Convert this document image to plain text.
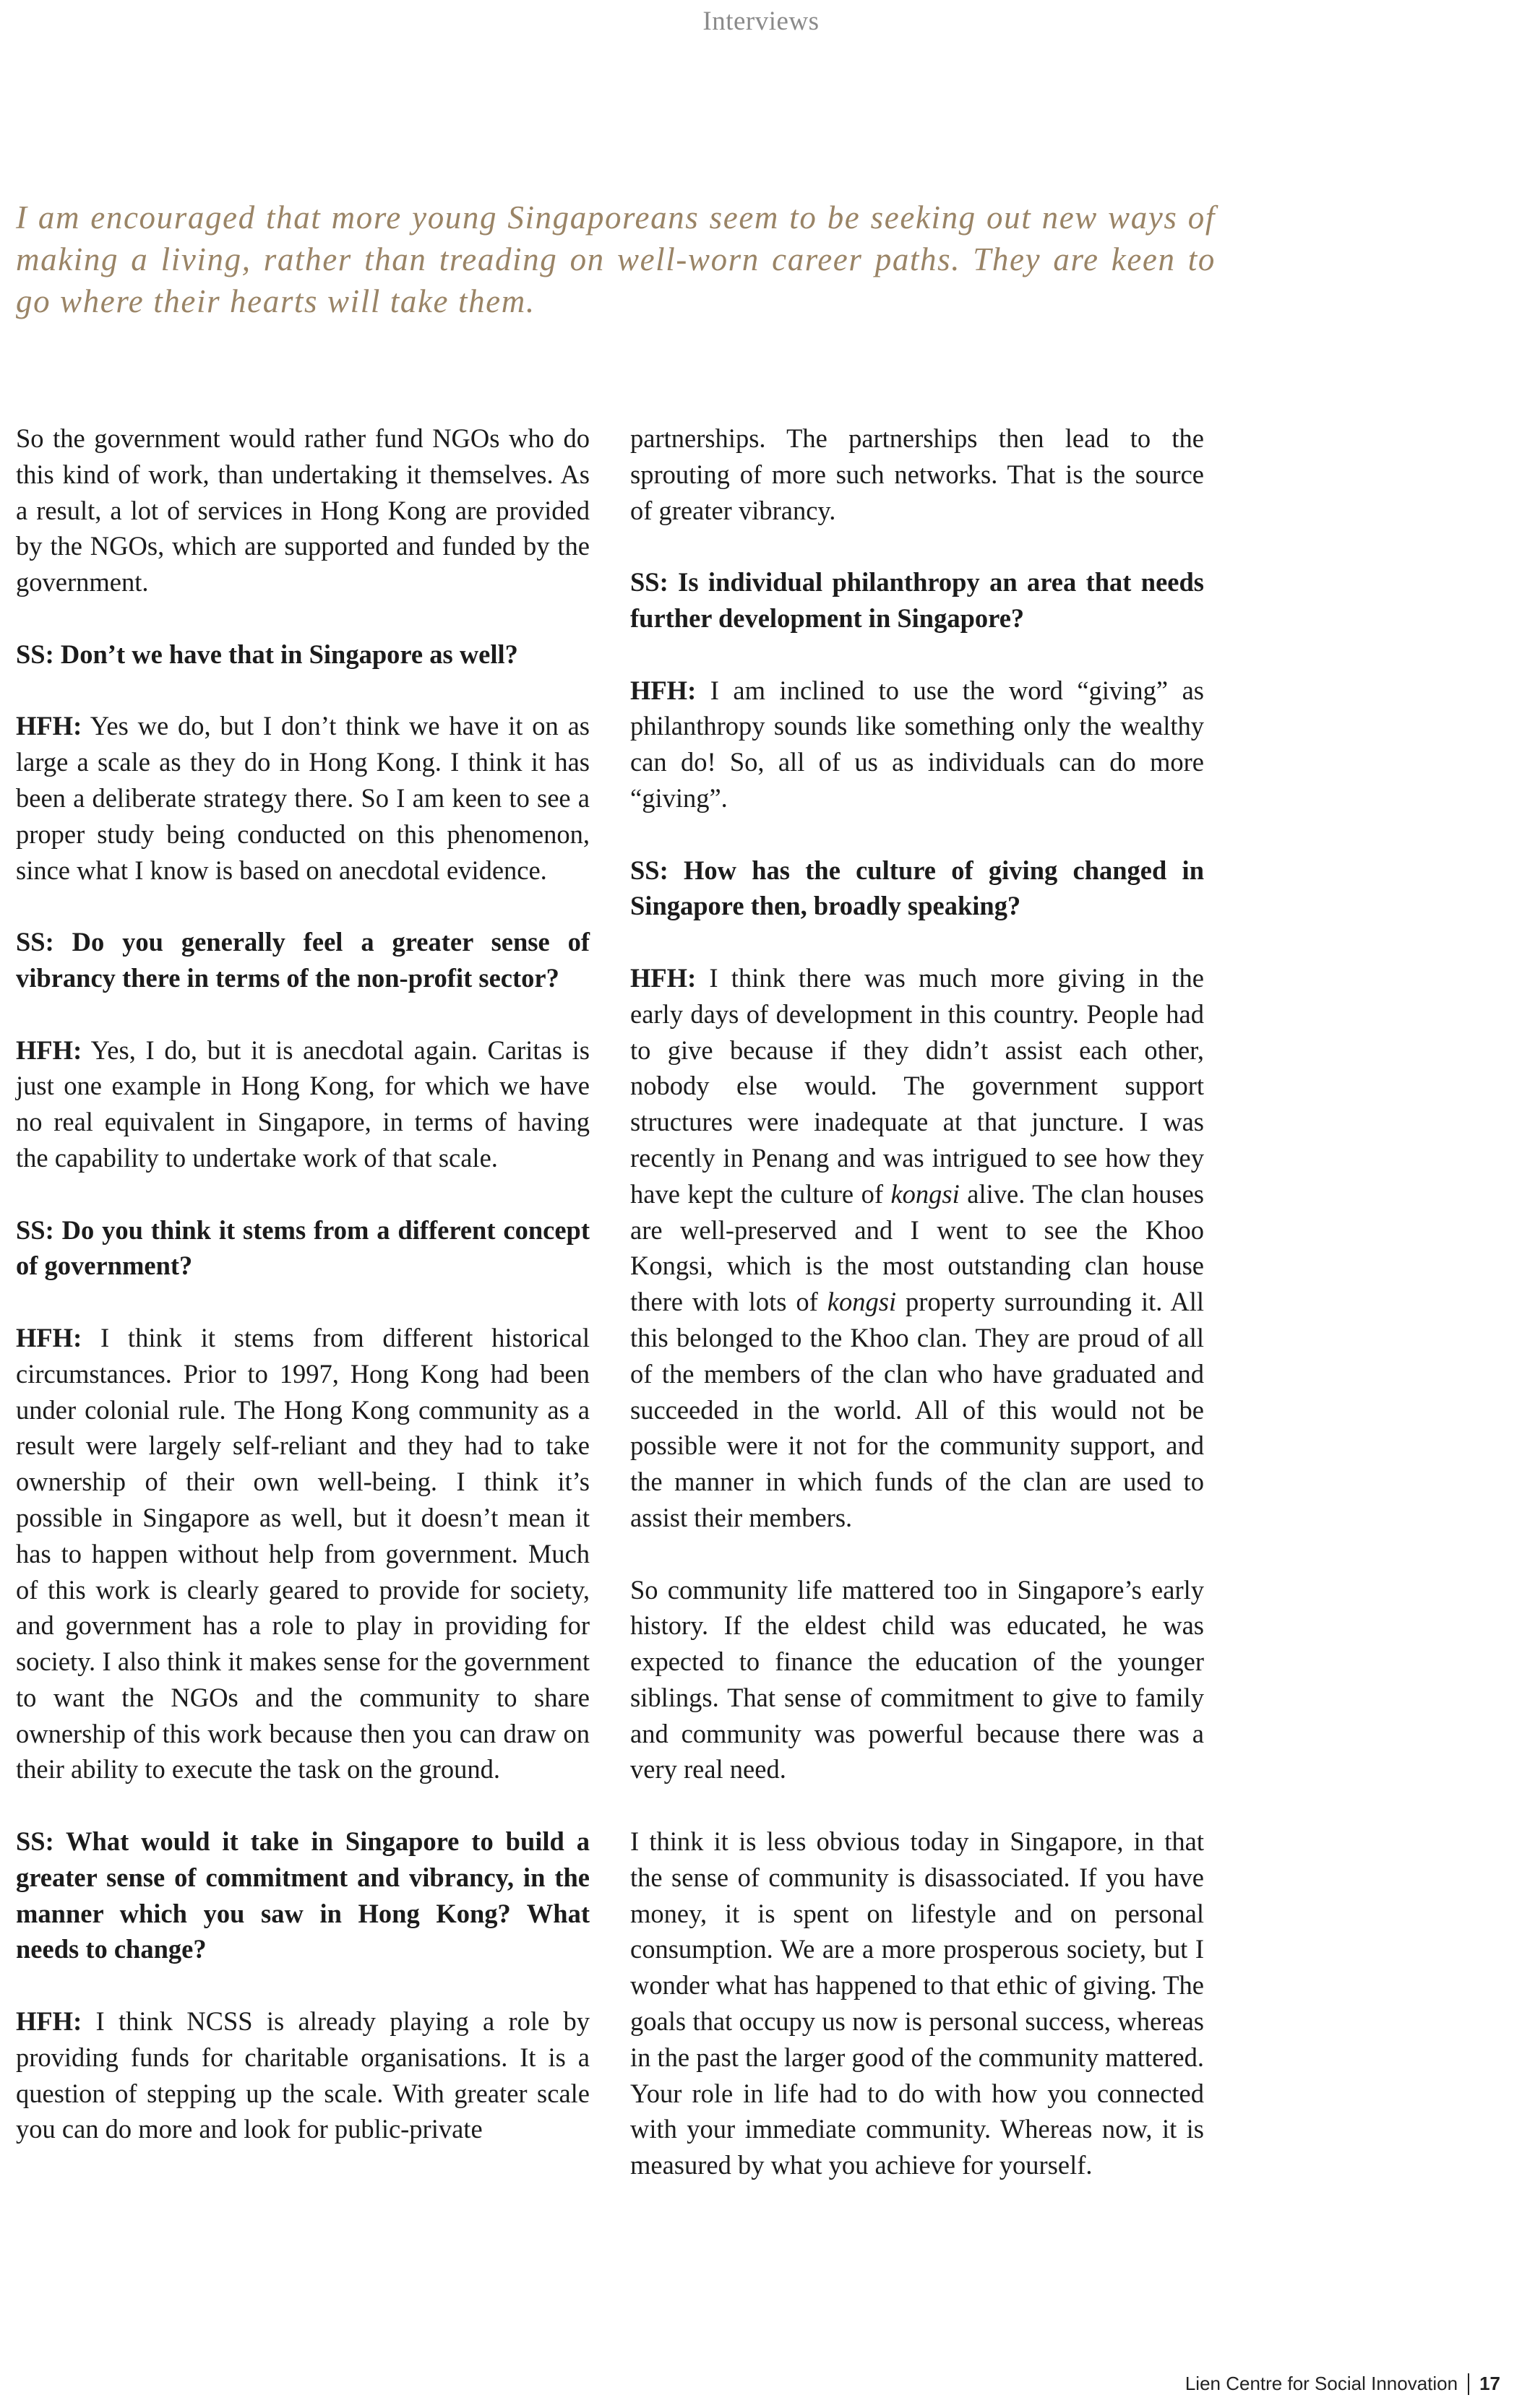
Interviews

I am encouraged that more young Singaporeans seem to be seeking out new ways of making a living, rather than treading on well-worn career paths. They are keen to go where their hearts will take them.

So the government would rather fund NGOs who do this kind of work, than undertaking it themselves. As a result, a lot of services in Hong Kong are provided by the NGOs, which are supported and funded by the government.

SS: Don’t we have that in Singapore as well?

HFH: Yes we do, but I don’t think we have it on as large a scale as they do in Hong Kong. I think it has been a deliberate strategy there. So I am keen to see a proper study being conducted on this phenomenon, since what I know is based on anecdotal evidence.

SS: Do you generally feel a greater sense of vibrancy there in terms of the non-profit sector?

HFH: Yes, I do, but it is anecdotal again. Caritas is just one example in Hong Kong, for which we have no real equivalent in Singapore, in terms of having the capability to undertake work of that scale.

SS: Do you think it stems from a different concept of government?

HFH: I think it stems from different historical circumstances. Prior to 1997, Hong Kong had been under colonial rule. The Hong Kong community as a result were largely self-reliant and they had to take ownership of their own well-being. I think it’s possible in Singapore as well, but it doesn’t mean it has to happen without help from government. Much of this work is clearly geared to provide for society, and government has a role to play in providing for society. I also think it makes sense for the government to want the NGOs and the community to share ownership of this work because then you can draw on their ability to execute the task on the ground.

SS: What would it take in Singapore to build a greater sense of commitment and vibrancy, in the manner which you saw in Hong Kong? What needs to change?

HFH: I think NCSS is already playing a role by providing funds for charitable organisations. It is a question of stepping up the scale. With greater scale you can do more and look for public-private

partnerships. The partnerships then lead to the sprouting of more such networks. That is the source of greater vibrancy.

SS: Is individual philanthropy an area that needs further development in Singapore?

HFH: I am inclined to use the word “giving” as philanthropy sounds like something only the wealthy can do! So, all of us as individuals can do more “giving”.

SS: How has the culture of giving changed in Singapore then, broadly speaking?

HFH: I think there was much more giving in the early days of development in this country. People had to give because if they didn’t assist each other, nobody else would. The government support structures were inadequate at that juncture. I was recently in Penang and was intrigued to see how they have kept the culture of kongsi alive. The clan houses are well-preserved and I went to see the Khoo Kongsi, which is the most outstanding clan house there with lots of kongsi property surrounding it. All this belonged to the Khoo clan. They are proud of all of the members of the clan who have graduated and succeeded in the world. All of this would not be possible were it not for the community support, and the manner in which funds of the clan are used to assist their members.

So community life mattered too in Singapore’s early history. If the eldest child was educated, he was expected to finance the education of the younger siblings. That sense of commitment to give to family and community was powerful because there was a very real need.

I think it is less obvious today in Singapore, in that the sense of community is disassociated. If you have money, it is spent on lifestyle and on personal consumption. We are a more prosperous society, but I wonder what has happened to that ethic of giving. The goals that occupy us now is personal success, whereas in the past the larger good of the community mattered. Your role in life had to do with how you connected with your immediate community. Whereas now, it is measured by what you achieve for yourself.

Lien Centre for Social Innovation 17
